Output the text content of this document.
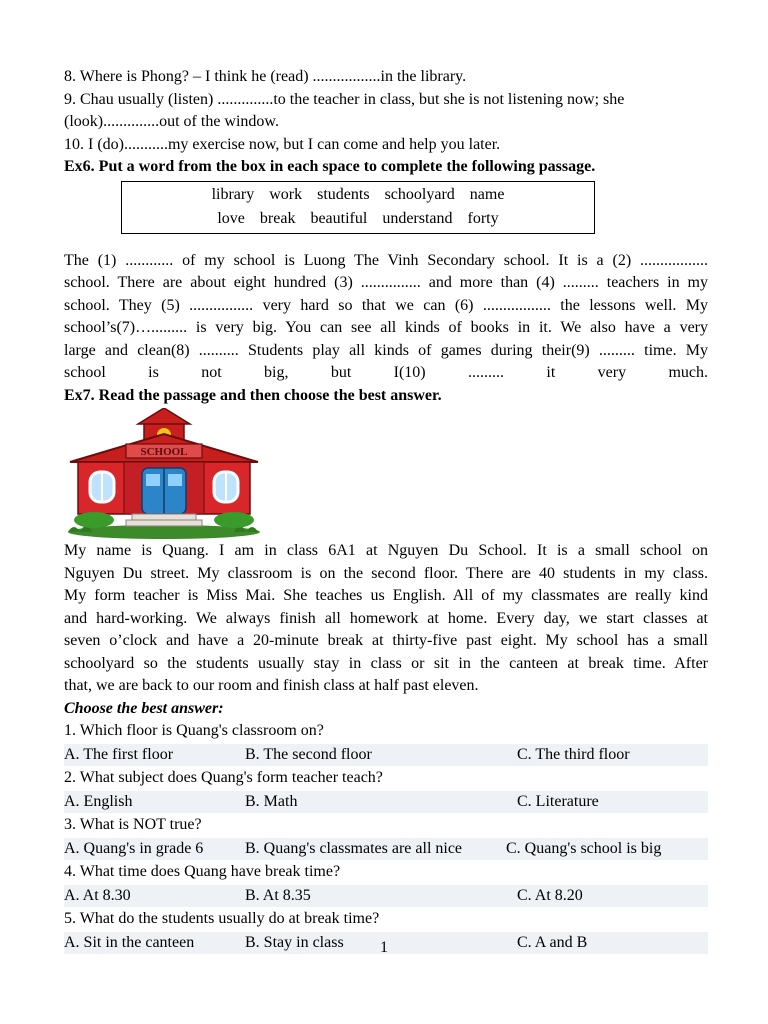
8. Where is Phong? – I think he (read) .................in the library.

9. Chau usually (listen) ..............to the teacher in class, but she is not listening now; she

(look)..............out of the window.

10. I (do)...........my exercise now, but I can come and help you later.

Ex6. Put a word from the box in each space to complete the following passage.

library work students schoolyard name
love break beautiful understand forty

The (1) ............ of my school is Luong The Vinh Secondary school. It is a (2) .................

school. There are about eight hundred (3) ............... and more than (4) ......... teachers in my

school. They (5) ................ very hard so that we can (6) ................. the lessons well. My

school’s(7)…......... is very big. You can see all kinds of books in it. We also have a very

large and clean(8) .......... Students play all kinds of games during their(9) ......... time. My

school is not big, but I(10) ......... it very much.

Ex7. Read the passage and then choose the best answer.

SCHOOL

My name is Quang. I am in class 6A1 at Nguyen Du School. It is a small school on

Nguyen Du street. My classroom is on the second floor. There are 40 students in my class.

My form teacher is Miss Mai. She teaches us English. All of my classmates are really kind

and hard-working. We always finish all homework at home. Every day, we start classes at

seven o’clock and have a 20-minute break at thirty-five past eight. My school has a small

schoolyard so the students usually stay in class or sit in the canteen at break time. After

that, we are back to our room and finish class at half past eleven.

Choose the best answer:

1. Which floor is Quang's classroom on?

A. The first floor	B. The second floor	C. The third floor

2. What subject does Quang's form teacher teach?

A. English	B. Math	C. Literature

3. What is NOT true?

A. Quang's in grade 6	B. Quang's classmates are all nice	C. Quang's school is big

4. What time does Quang have break time?

A. At 8.30	B. At 8.35	C. At 8.20

5. What do the students usually do at break time?

A. Sit in the canteen	B. Stay in class	C. A and B
1
